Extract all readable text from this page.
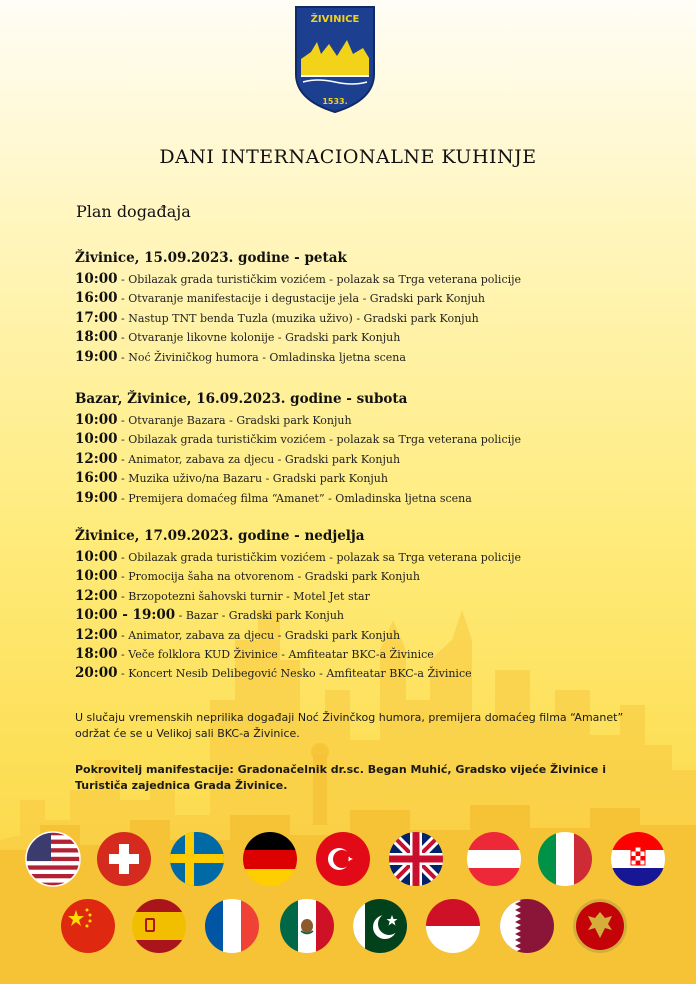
ŽIVINICE
1533.
DANI INTERNACIONALNE KUHINJE
Plan događaja
Živinice, 15.09.2023. godine - petak
10:00 - Obilazak grada turističkim vozićem - polazak sa Trga veterana policije
16:00 - Otvaranje manifestacije i degustacije jela - Gradski park Konjuh
17:00 - Nastup TNT benda Tuzla (muzika uživo) - Gradski park Konjuh
18:00 - Otvaranje likovne kolonije - Gradski park Konjuh
19:00 - Noć Živiničkog humora - Omladinska ljetna scena
Bazar, Živinice, 16.09.2023. godine - subota
10:00 - Otvaranje Bazara - Gradski park Konjuh
10:00 - Obilazak grada turističkim vozićem - polazak sa Trga veterana policije
12:00 - Animator, zabava za djecu - Gradski park Konjuh
16:00 - Muzika uživo/na Bazaru - Gradski park Konjuh
19:00 - Premijera domaćeg filma “Amanet” - Omladinska ljetna scena
Živinice, 17.09.2023. godine - nedjelja
10:00 - Obilazak grada turističkim vozićem - polazak sa Trga veterana policije
10:00 - Promocija šaha na otvorenom - Gradski park Konjuh
12:00 - Brzopotezni šahovski turnir - Motel Jet star
10:00 - 19:00 - Bazar - Gradski park Konjuh
12:00 - Animator, zabava za djecu - Gradski park Konjuh
18:00 - Veče folklora KUD Živinice - Amfiteatar BKC-a Živinice
20:00 - Koncert Nesib Delibegović Nesko - Amfiteatar BKC-a Živinice
U slučaju vremenskih neprilika događaji Noć Živinčkog humora, premijera domaćeg filma “Amanet” održat će se u Velikoj sali BKC-a Živinice.
Pokrovitelj manifestacije: Gradonačelnik dr.sc. Began Muhić, Gradsko vijeće Živinice i Turističa zajednica Grada Živinice.
